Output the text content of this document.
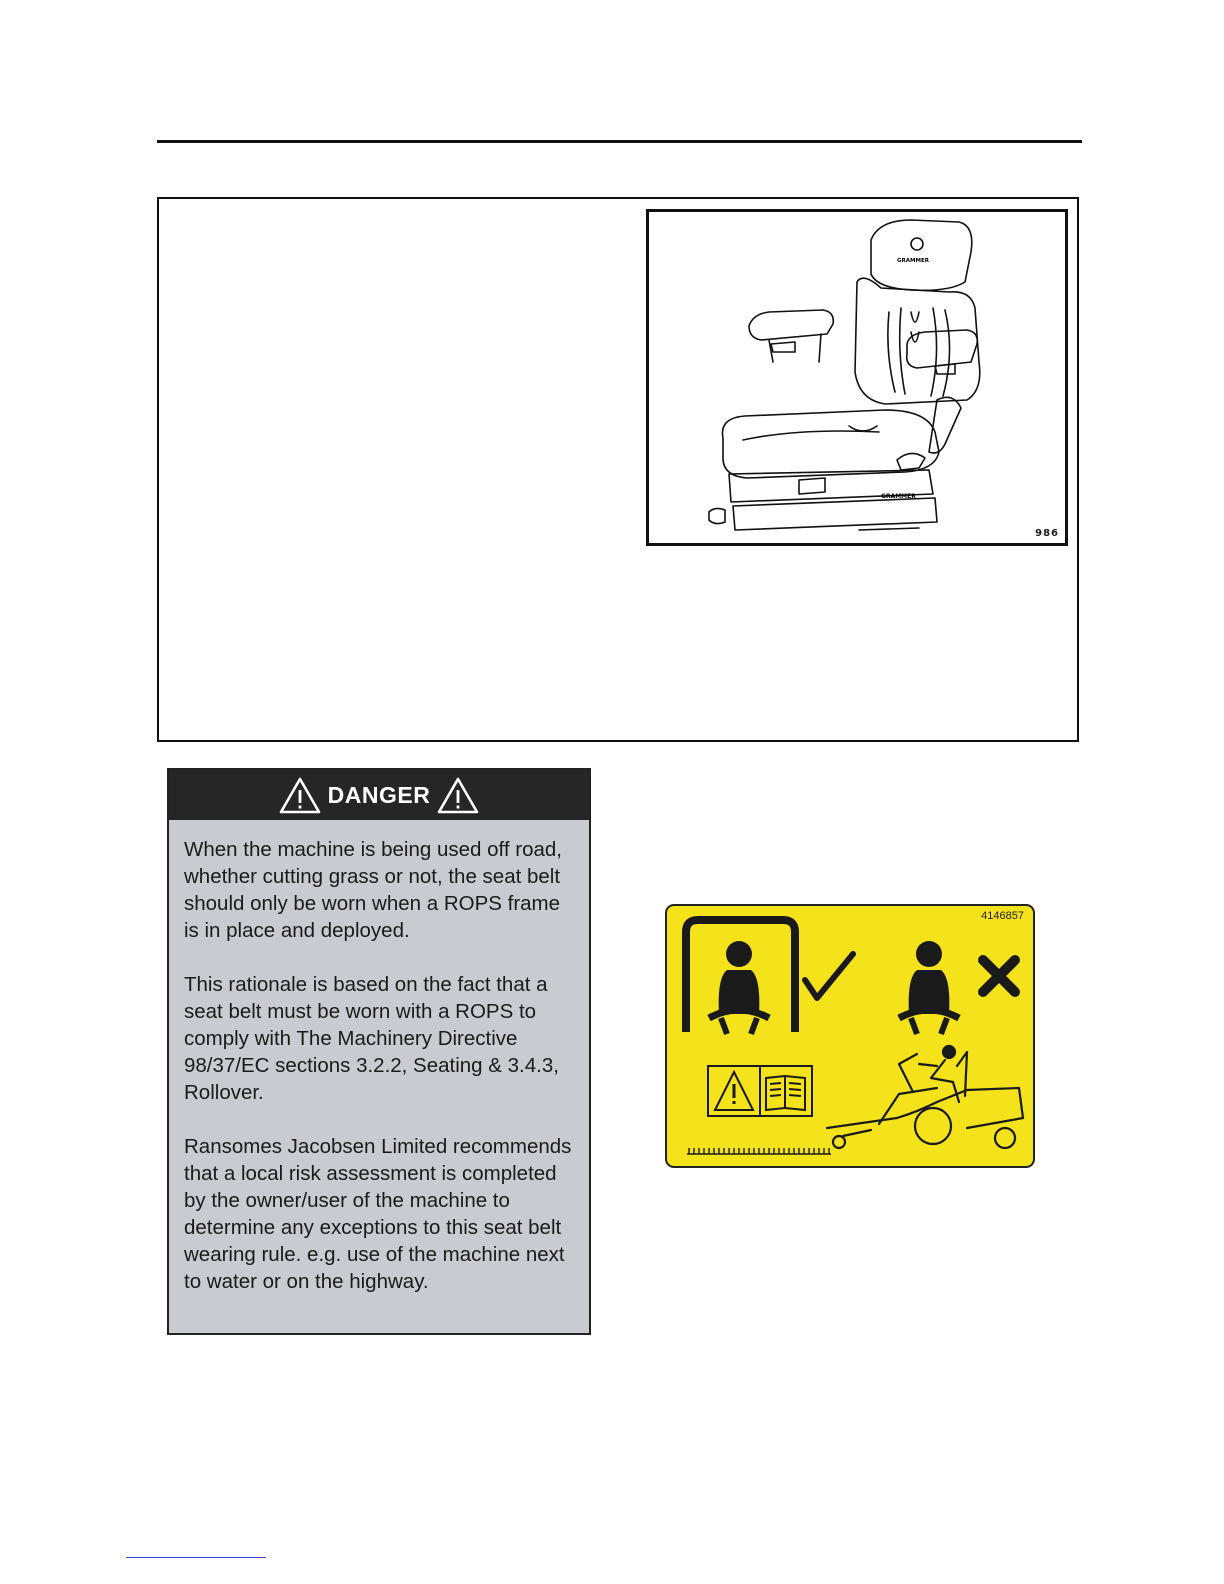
GRAMMER
GRAMMER
986
DANGER

When the machine is being used off road, whether cutting grass or not, the seat belt should only be worn when a ROPS frame is in place and deployed.

This rationale is based on the fact that a seat belt must be worn with a ROPS to comply with The Machinery Directive 98/37/EC sections 3.2.2, Seating & 3.4.3, Rollover.

Ransomes Jacobsen Limited recommends that a local risk assessment is completed by the owner/user of the machine to determine any exceptions to this seat belt wearing rule. e.g. use of the machine next to water or on the highway.

4146857
